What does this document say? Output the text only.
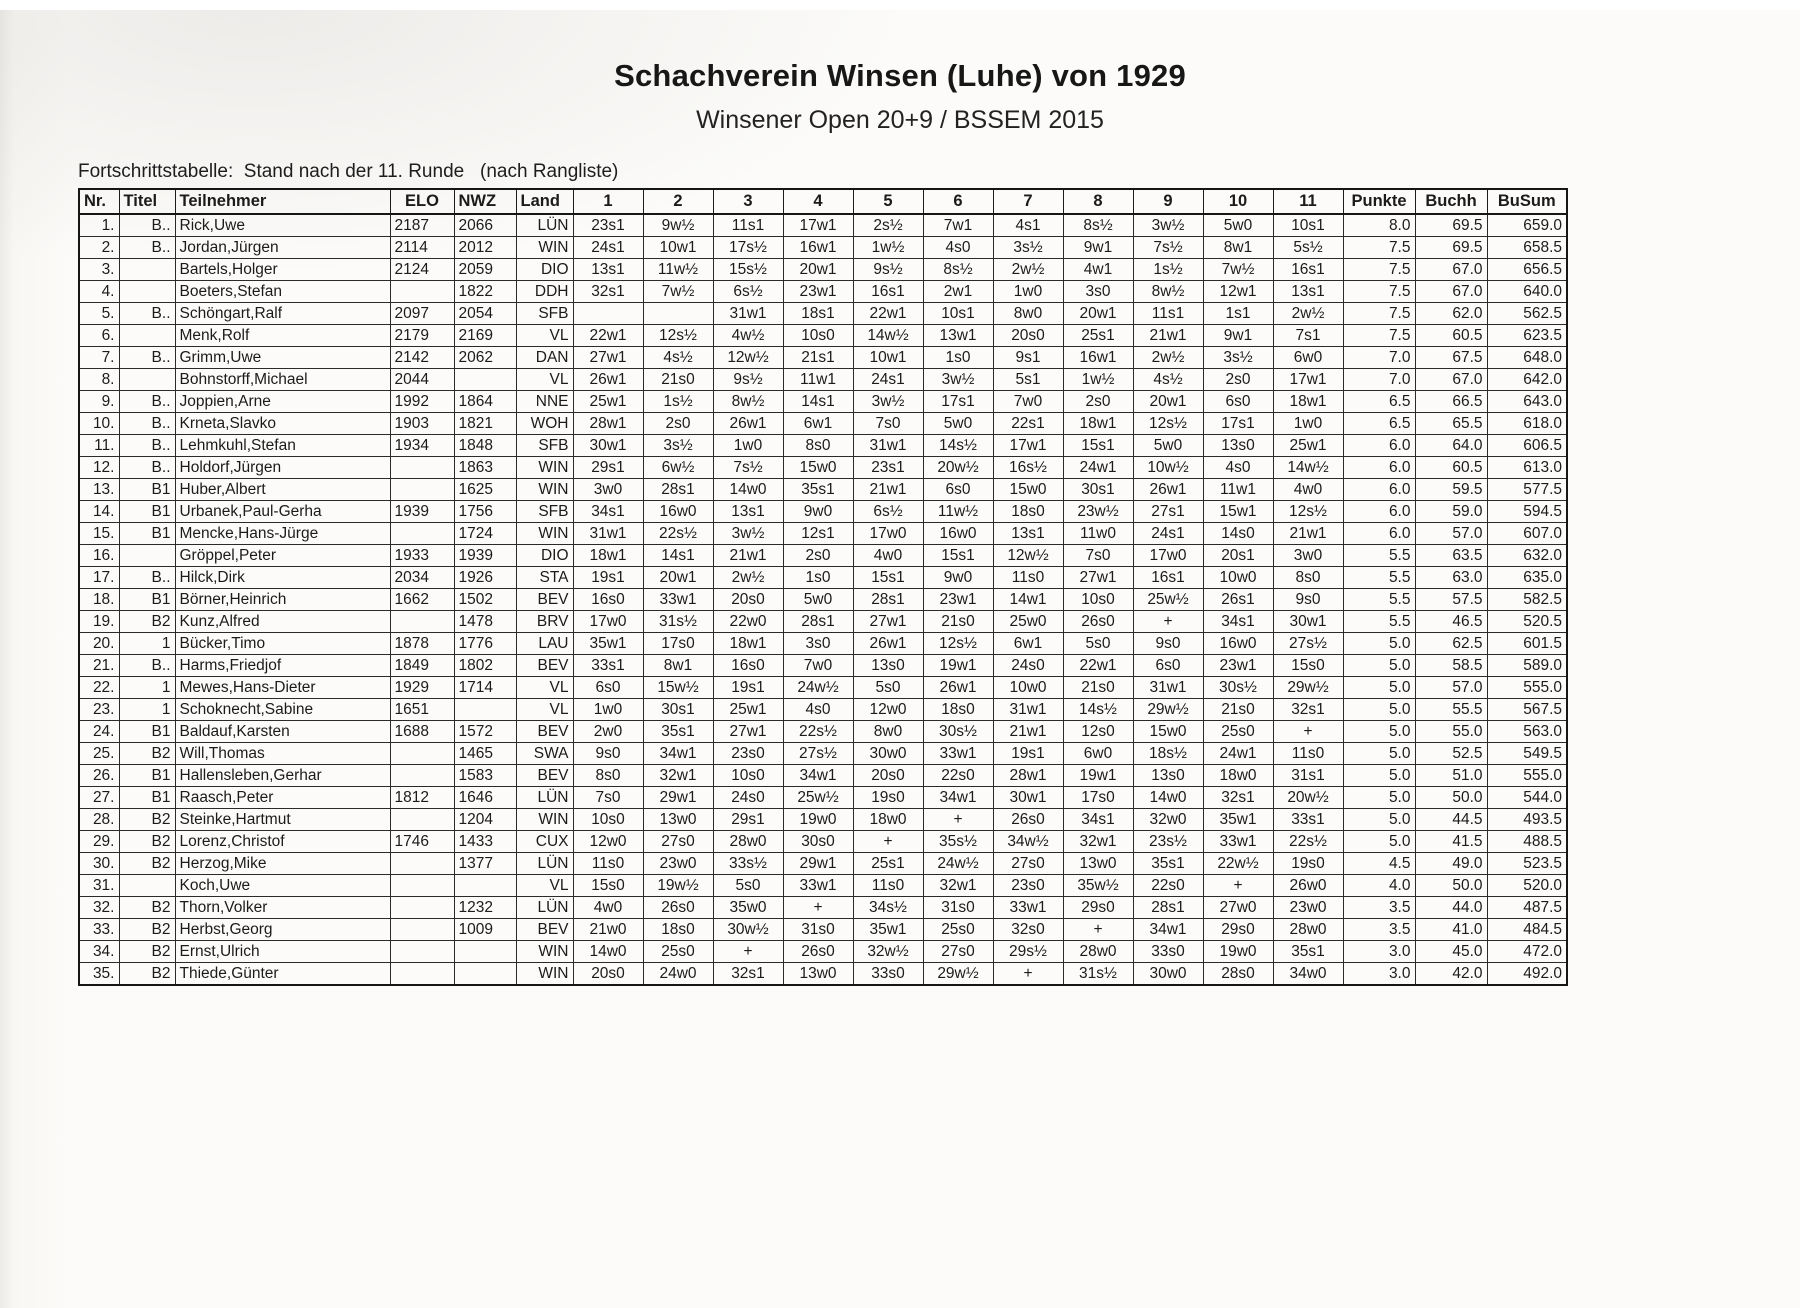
Schachverein Winsen (Luhe) von 1929
Winsener Open 20+9 / BSSEM 2015
Fortschrittstabelle:  Stand nach der 11. Runde   (nach Rangliste)
Nr.	Titel	Teilnehmer	ELO	NWZ	Land	1	2	3	4	5	6	7	8	9	10	11	Punkte	Buchh	BuSum
1.	B..	Rick,Uwe	2187	2066	LÜN	23s1	9w½	11s1	17w1	2s½	7w1	4s1	8s½	3w½	5w0	10s1	8.0	69.5	659.0
2.	B..	Jordan,Jürgen	2114	2012	WIN	24s1	10w1	17s½	16w1	1w½	4s0	3s½	9w1	7s½	8w1	5s½	7.5	69.5	658.5
3.		Bartels,Holger	2124	2059	DIO	13s1	11w½	15s½	20w1	9s½	8s½	2w½	4w1	1s½	7w½	16s1	7.5	67.0	656.5
4.		Boeters,Stefan		1822	DDH	32s1	7w½	6s½	23w1	16s1	2w1	1w0	3s0	8w½	12w1	13s1	7.5	67.0	640.0
5.	B..	Schöngart,Ralf	2097	2054	SFB			31w1	18s1	22w1	10s1	8w0	20w1	11s1	1s1	2w½	7.5	62.0	562.5
6.		Menk,Rolf	2179	2169	VL	22w1	12s½	4w½	10s0	14w½	13w1	20s0	25s1	21w1	9w1	7s1	7.5	60.5	623.5
7.	B..	Grimm,Uwe	2142	2062	DAN	27w1	4s½	12w½	21s1	10w1	1s0	9s1	16w1	2w½	3s½	6w0	7.0	67.5	648.0
8.		Bohnstorff,Michael	2044		VL	26w1	21s0	9s½	11w1	24s1	3w½	5s1	1w½	4s½	2s0	17w1	7.0	67.0	642.0
9.	B..	Joppien,Arne	1992	1864	NNE	25w1	1s½	8w½	14s1	3w½	17s1	7w0	2s0	20w1	6s0	18w1	6.5	66.5	643.0
10.	B..	Krneta,Slavko	1903	1821	WOH	28w1	2s0	26w1	6w1	7s0	5w0	22s1	18w1	12s½	17s1	1w0	6.5	65.5	618.0
11.	B..	Lehmkuhl,Stefan	1934	1848	SFB	30w1	3s½	1w0	8s0	31w1	14s½	17w1	15s1	5w0	13s0	25w1	6.0	64.0	606.5
12.	B..	Holdorf,Jürgen		1863	WIN	29s1	6w½	7s½	15w0	23s1	20w½	16s½	24w1	10w½	4s0	14w½	6.0	60.5	613.0
13.	B1	Huber,Albert		1625	WIN	3w0	28s1	14w0	35s1	21w1	6s0	15w0	30s1	26w1	11w1	4w0	6.0	59.5	577.5
14.	B1	Urbanek,Paul-Gerha	1939	1756	SFB	34s1	16w0	13s1	9w0	6s½	11w½	18s0	23w½	27s1	15w1	12s½	6.0	59.0	594.5
15.	B1	Mencke,Hans-Jürge		1724	WIN	31w1	22s½	3w½	12s1	17w0	16w0	13s1	11w0	24s1	14s0	21w1	6.0	57.0	607.0
16.		Gröppel,Peter	1933	1939	DIO	18w1	14s1	21w1	2s0	4w0	15s1	12w½	7s0	17w0	20s1	3w0	5.5	63.5	632.0
17.	B..	Hilck,Dirk	2034	1926	STA	19s1	20w1	2w½	1s0	15s1	9w0	11s0	27w1	16s1	10w0	8s0	5.5	63.0	635.0
18.	B1	Börner,Heinrich	1662	1502	BEV	16s0	33w1	20s0	5w0	28s1	23w1	14w1	10s0	25w½	26s1	9s0	5.5	57.5	582.5
19.	B2	Kunz,Alfred		1478	BRV	17w0	31s½	22w0	28s1	27w1	21s0	25w0	26s0	+	34s1	30w1	5.5	46.5	520.5
20.	1	Bücker,Timo	1878	1776	LAU	35w1	17s0	18w1	3s0	26w1	12s½	6w1	5s0	9s0	16w0	27s½	5.0	62.5	601.5
21.	B..	Harms,Friedjof	1849	1802	BEV	33s1	8w1	16s0	7w0	13s0	19w1	24s0	22w1	6s0	23w1	15s0	5.0	58.5	589.0
22.	1	Mewes,Hans-Dieter	1929	1714	VL	6s0	15w½	19s1	24w½	5s0	26w1	10w0	21s0	31w1	30s½	29w½	5.0	57.0	555.0
23.	1	Schoknecht,Sabine	1651		VL	1w0	30s1	25w1	4s0	12w0	18s0	31w1	14s½	29w½	21s0	32s1	5.0	55.5	567.5
24.	B1	Baldauf,Karsten	1688	1572	BEV	2w0	35s1	27w1	22s½	8w0	30s½	21w1	12s0	15w0	25s0	+	5.0	55.0	563.0
25.	B2	Will,Thomas		1465	SWA	9s0	34w1	23s0	27s½	30w0	33w1	19s1	6w0	18s½	24w1	11s0	5.0	52.5	549.5
26.	B1	Hallensleben,Gerhar		1583	BEV	8s0	32w1	10s0	34w1	20s0	22s0	28w1	19w1	13s0	18w0	31s1	5.0	51.0	555.0
27.	B1	Raasch,Peter	1812	1646	LÜN	7s0	29w1	24s0	25w½	19s0	34w1	30w1	17s0	14w0	32s1	20w½	5.0	50.0	544.0
28.	B2	Steinke,Hartmut		1204	WIN	10s0	13w0	29s1	19w0	18w0	+	26s0	34s1	32w0	35w1	33s1	5.0	44.5	493.5
29.	B2	Lorenz,Christof	1746	1433	CUX	12w0	27s0	28w0	30s0	+	35s½	34w½	32w1	23s½	33w1	22s½	5.0	41.5	488.5
30.	B2	Herzog,Mike		1377	LÜN	11s0	23w0	33s½	29w1	25s1	24w½	27s0	13w0	35s1	22w½	19s0	4.5	49.0	523.5
31.		Koch,Uwe			VL	15s0	19w½	5s0	33w1	11s0	32w1	23s0	35w½	22s0	+	26w0	4.0	50.0	520.0
32.	B2	Thorn,Volker		1232	LÜN	4w0	26s0	35w0	+	34s½	31s0	33w1	29s0	28s1	27w0	23w0	3.5	44.0	487.5
33.	B2	Herbst,Georg		1009	BEV	21w0	18s0	30w½	31s0	35w1	25s0	32s0	+	34w1	29s0	28w0	3.5	41.0	484.5
34.	B2	Ernst,Ulrich			WIN	14w0	25s0	+	26s0	32w½	27s0	29s½	28w0	33s0	19w0	35s1	3.0	45.0	472.0
35.	B2	Thiede,Günter			WIN	20s0	24w0	32s1	13w0	33s0	29w½	+	31s½	30w0	28s0	34w0	3.0	42.0	492.0
